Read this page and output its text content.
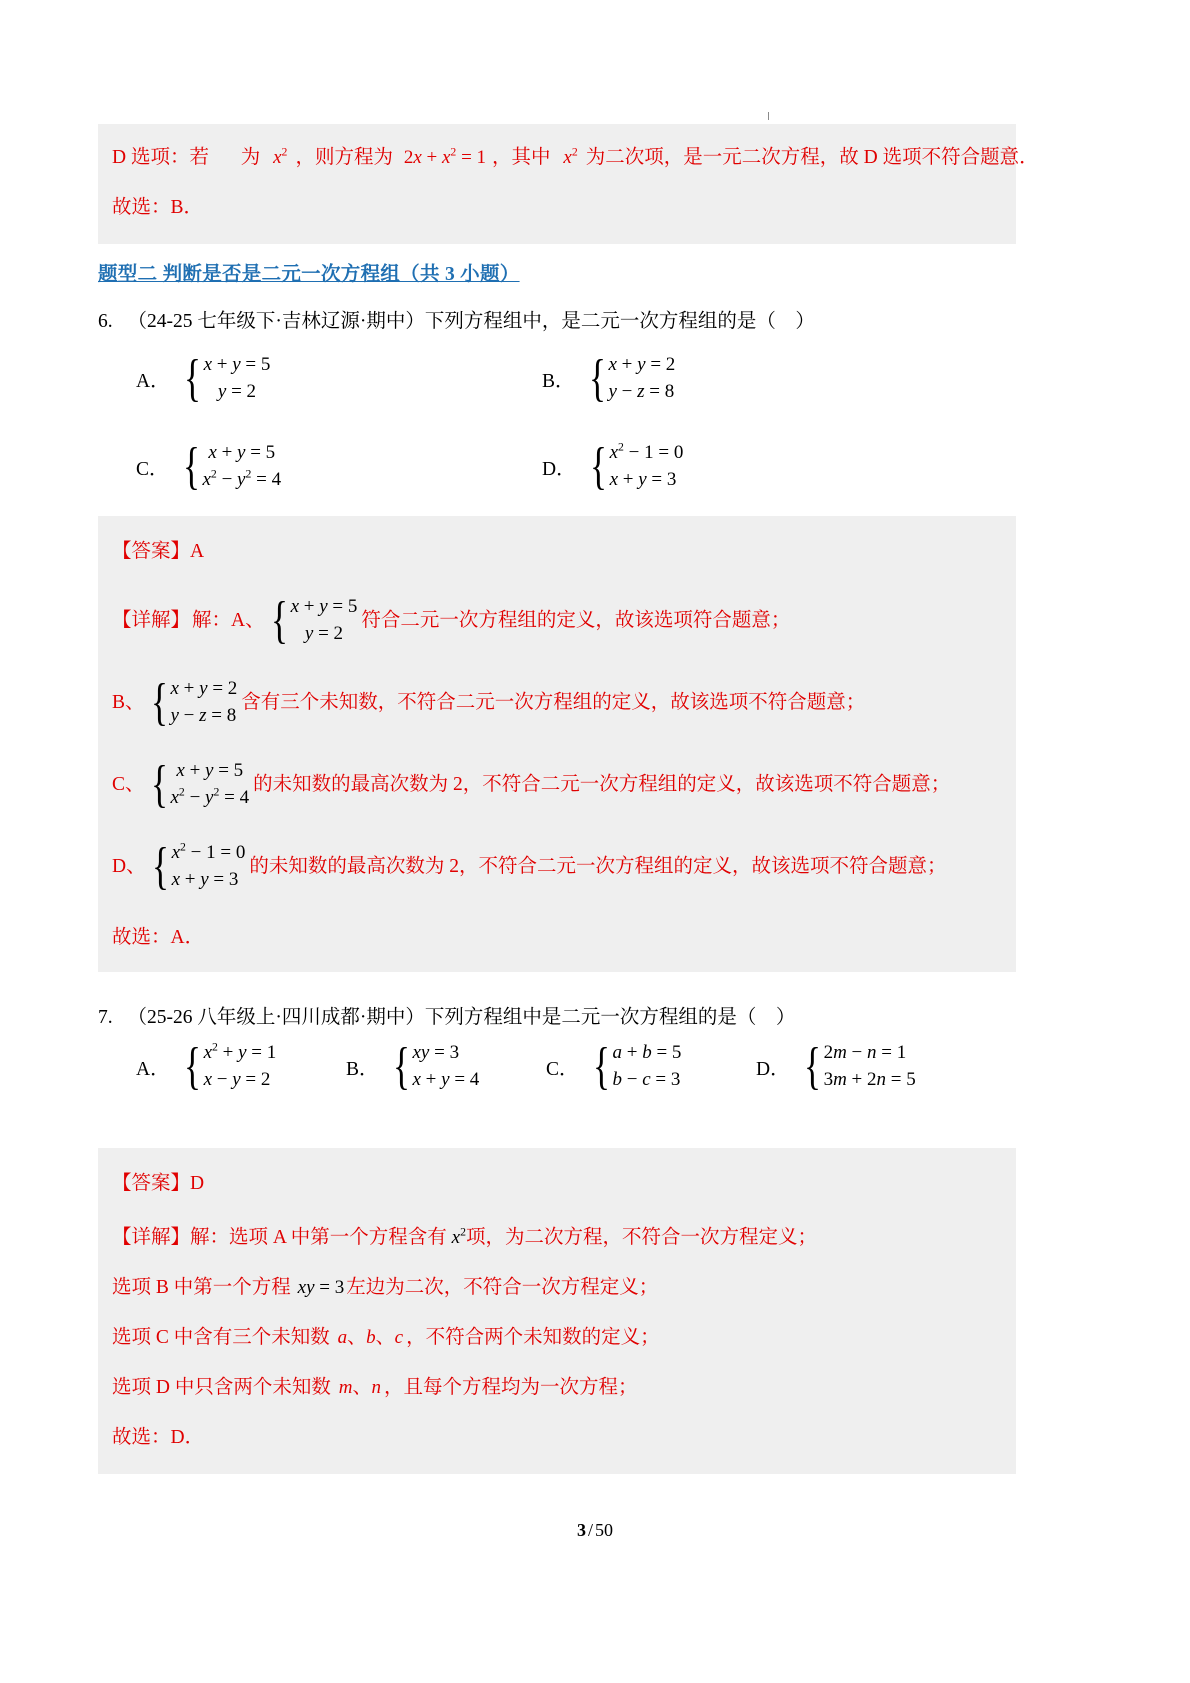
D 选项：若 为 $x^2$ ，则方程为 $2x + x^2 = 1$ ，其中 $x^2$ 为二次项，是一元二次方程，故 D 选项不符合题意．
故选：B．
题型二 判断是否是二元一次方程组（共 3 小题）
6. （24-25 七年级下·吉林辽源·期中）下列方程组中，是二元一次方程组的是（　）
A． { x + y = 5
y = 2	B． { x + y = 2
y − z = 8
C． { x + y = 5
$x^2 - y^2 = 4$	D． { $x^2 - 1 = 0$
x + y = 3
【答案】A
【详解】 解：A、 { x + y = 5
y = 2
符合二元一次方程组的定义，故该选项符合题意；
B、 { x + y = 2
y − z = 8
含有三个未知数，不符合二元一次方程组的定义，故该选项不符合题意；
C、 { x + y = 5
$x^2 - y^2 = 4$
的未知数的最高次数为 2，不符合二元一次方程组的定义，故该选项不符合题意；
D、 { $x^2 - 1 = 0$
x + y = 3
的未知数的最高次数为 2，不符合二元一次方程组的定义，故该选项不符合题意；
故选：A．
7. （25-26 八年级上·四川成都·期中）下列方程组中是二元一次方程组的是（　）
A． { $x^2 + y = 1$
x − y = 2	B． { xy = 3
x + y = 4	C． { a + b = 5
b − c = 3	D． { 2m − n = 1
3m + 2n = 5
【答案】D
【详解】解：选项 A 中第一个方程含有 $x^2$项，为二次方程，不符合一次方程定义；
选项 B 中第一个方程 xy = 3 左边为二次，不符合一次方程定义；
选项 C 中含有三个未知数 a、b、c ，不符合两个未知数的定义；
选项 D 中只含两个未知数 m、n ，且每个方程均为一次方程；
故选：D．
3 / 50
